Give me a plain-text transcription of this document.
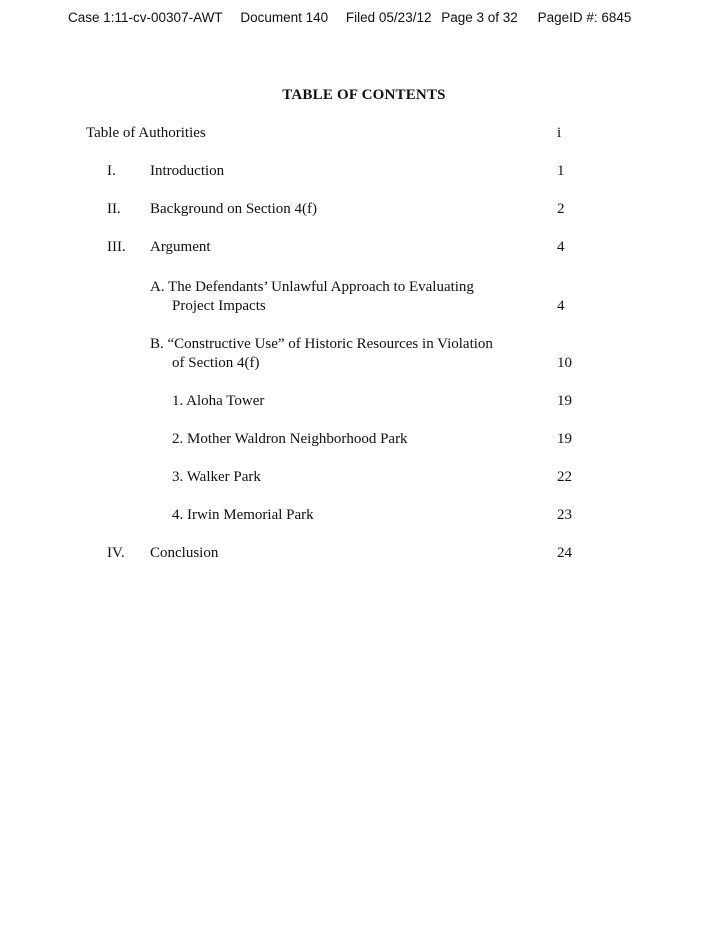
Case 1:11-cv-00307-AWT Document 140 Filed 05/23/12 Page 3 of 32 PageID #: 6845
TABLE OF CONTENTS
Table of Authorities	i
I. Introduction	1
II. Background on Section 4(f)	2
III. Argument	4
A. The Defendants’ Unlawful Approach to Evaluating
Project Impacts	4
B. “Constructive Use” of Historic Resources in Violation
of Section 4(f)	10
1. Aloha Tower	19
2. Mother Waldron Neighborhood Park	19
3. Walker Park	22
4. Irwin Memorial Park	23
IV. Conclusion	24
